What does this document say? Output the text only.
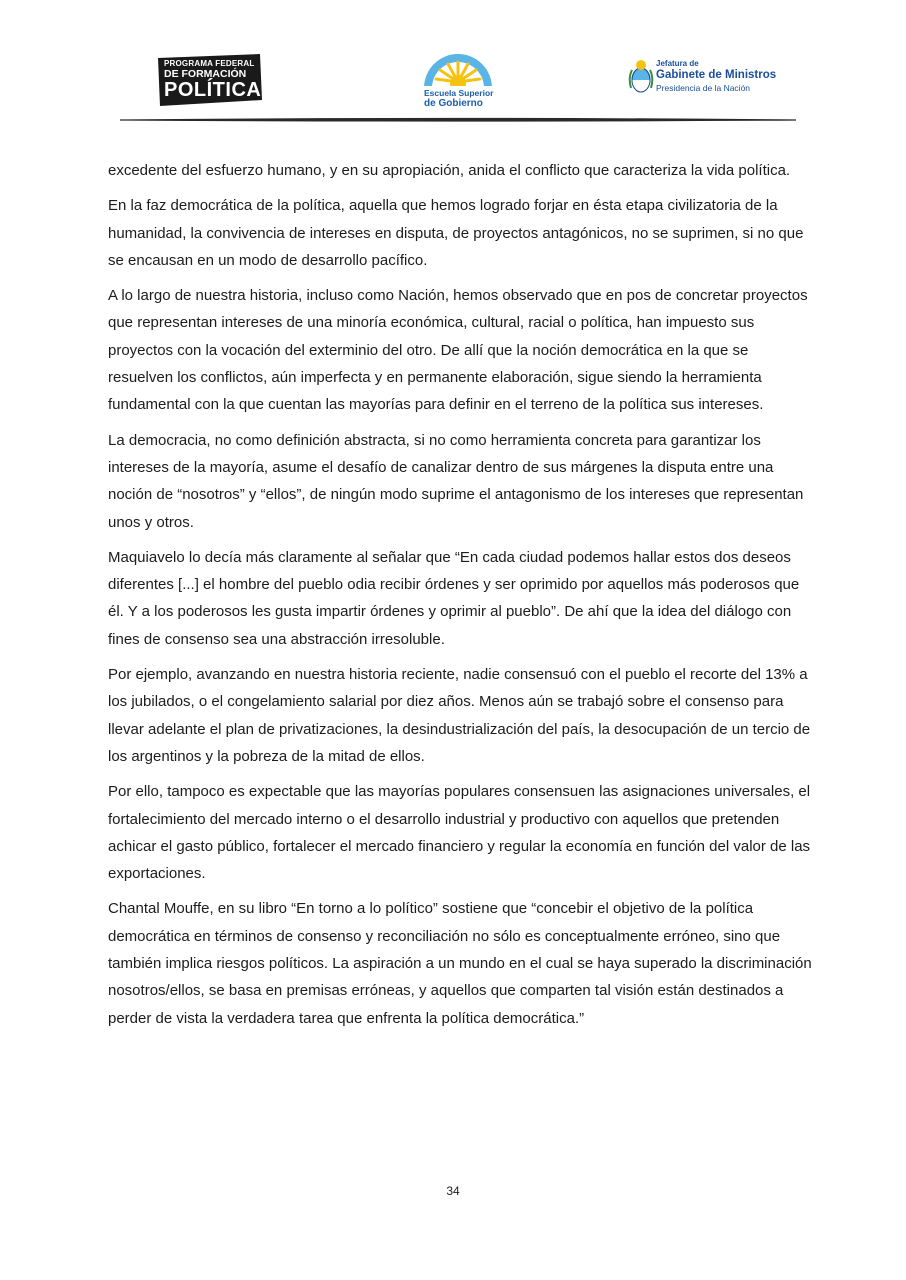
PROGRAMA FEDERAL
DE FORMACIÓN
POLÍTICA	Escuela Superior
de Gobierno
Jefatura de
Gabinete de Ministros
Presidencia de la Nación

excedente del esfuerzo humano, y en su apropiación, anida el conflicto que caracteriza la vida política.

En la faz democrática de la política, aquella que hemos logrado forjar en ésta etapa civilizatoria de la humanidad, la convivencia de intereses en disputa, de proyectos antagónicos, no se suprimen, si no que se encausan en un modo de desarrollo pacífico.

A lo largo de nuestra historia, incluso como Nación, hemos observado que en pos de concretar proyectos que representan intereses de una minoría económica, cultural, racial o política, han impuesto sus proyectos con la vocación del exterminio del otro. De allí que la noción democrática en la que se resuelven los conflictos, aún imperfecta y en permanente elaboración, sigue siendo la herramienta fundamental con la que cuentan las mayorías para definir en el terreno de la política sus intereses.

La democracia, no como definición abstracta, si no como herramienta concreta para garantizar los intereses de la mayoría, asume el desafío de canalizar dentro de sus márgenes la disputa entre una noción de “nosotros” y “ellos”, de ningún modo suprime el antagonismo de los intereses que representan unos y otros.

Maquiavelo lo decía más claramente al señalar que “En cada ciudad podemos hallar estos dos deseos diferentes [...] el hombre del pueblo odia recibir órdenes y ser oprimido por aquellos más poderosos que él. Y a los poderosos les gusta impartir órdenes y oprimir al pueblo”. De ahí que la idea del diálogo con fines de consenso sea una abstracción irresoluble.

Por ejemplo, avanzando en nuestra historia reciente, nadie consensuó con el pueblo el recorte del 13% a los jubilados, o el congelamiento salarial por diez años. Menos aún se trabajó sobre el consenso para llevar adelante el plan de privatizaciones, la desindustrialización del país, la desocupación de un tercio de los argentinos y la pobreza de la mitad de ellos.

Por ello, tampoco es expectable que las mayorías populares consensuen las asignaciones universales, el fortalecimiento del mercado interno o el desarrollo industrial y productivo con aquellos que pretenden achicar el gasto público, fortalecer el mercado financiero y regular la economía en función del valor de las exportaciones.

Chantal Mouffe, en su libro “En torno a lo político” sostiene que “concebir el objetivo de la política democrática en términos de consenso y reconciliación no sólo es conceptualmente erróneo, sino que también implica riesgos políticos. La aspiración a un mundo en el cual se haya superado la discriminación nosotros/ellos, se basa en premisas erróneas, y aquellos que comparten tal visión están destinados a perder de vista la verdadera tarea que enfrenta la política democrática.”

34
